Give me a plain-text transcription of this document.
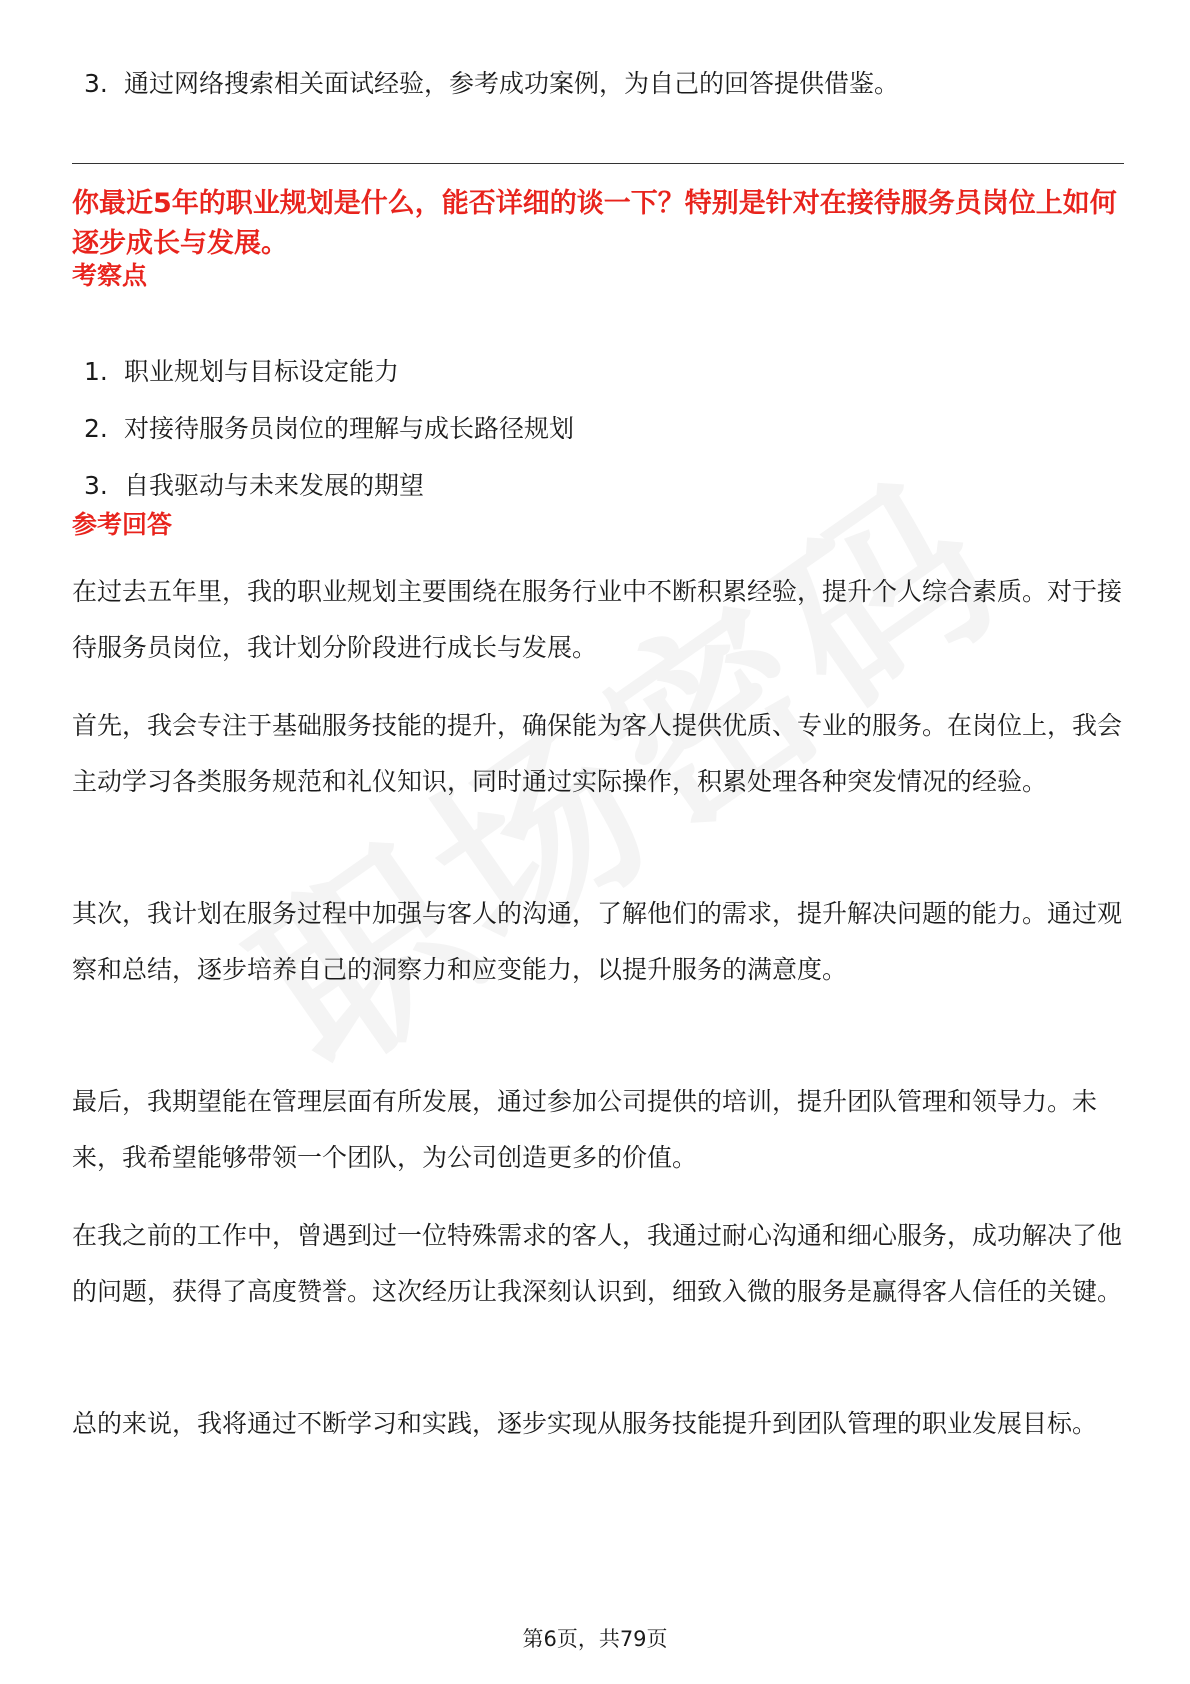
3. 通过网络搜索相关面试经验，参考成功案例，为自己的回答提供借鉴。
你最近5年的职业规划是什么，能否详细的谈一下？特别是针对在接待服务员岗位上如何逐步成长与发展。
考察点
1. 职业规划与目标设定能力
2. 对接待服务员岗位的理解与成长路径规划
3. 自我驱动与未来发展的期望
参考回答

在过去五年里，我的职业规划主要围绕在服务行业中不断积累经验，提升个人综合素质。对于接待服务员岗位，我计划分阶段进行成长与发展。

首先，我会专注于基础服务技能的提升，确保能为客人提供优质、专业的服务。在岗位上，我会主动学习各类服务规范和礼仪知识，同时通过实际操作，积累处理各种突发情况的经验。

其次，我计划在服务过程中加强与客人的沟通，了解他们的需求，提升解决问题的能力。通过观察和总结，逐步培养自己的洞察力和应变能力，以提升服务的满意度。

最后，我期望能在管理层面有所发展，通过参加公司提供的培训，提升团队管理和领导力。未来，我希望能够带领一个团队，为公司创造更多的价值。

在我之前的工作中，曾遇到过一位特殊需求的客人，我通过耐心沟通和细心服务，成功解决了他的问题，获得了高度赞誉。这次经历让我深刻认识到，细致入微的服务是赢得客人信任的关键。

总的来说，我将通过不断学习和实践，逐步实现从服务技能提升到团队管理的职业发展目标。

第6页，共79页
